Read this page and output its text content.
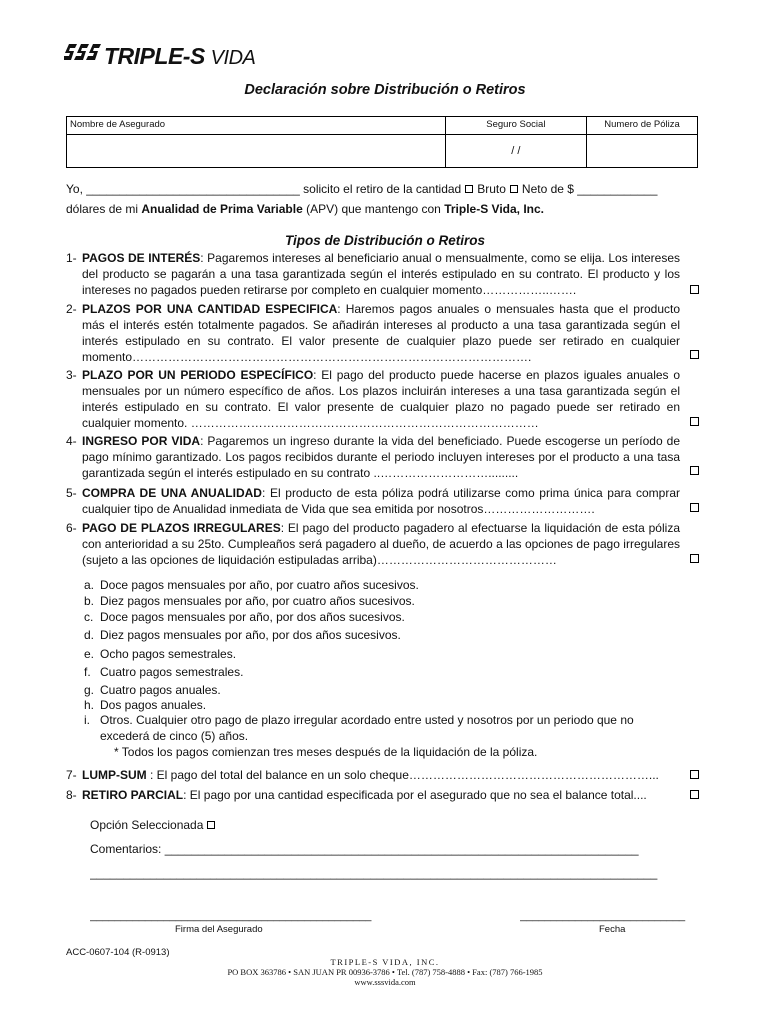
TRIPLE-S VIDA
Declaración sobre Distribución o Retiros
Nombre de Asegurado	Seguro Social	Numero de Póliza
	/ /	
Yo, ________________________________ solicito el retiro de la cantidad Bruto Neto de $ ____________
dólares de mi Anualidad de Prima Variable (APV) que mantengo con Triple-S Vida, Inc.
Tipos de Distribución o Retiros
1- PAGOS DE INTERÉS: Pagaremos intereses al beneficiario anual o mensualmente, como se elija. Los intereses del producto se pagarán a una tasa garantizada según el interés estipulado en su contrato. El producto y los intereses no pagados pueden retirarse por completo en cualquier momento……………..…….
2- PLAZOS POR UNA CANTIDAD ESPECIFICA: Haremos pagos anuales o mensuales hasta que el producto más el interés estén totalmente pagados. Se añadirán intereses al producto a una tasa garantizada según el interés estipulado en su contrato. El valor presente de cualquier plazo puede ser retirado en cualquier momento……………………………………………………………………………………….
3- PLAZO POR UN PERIODO ESPECÍFICO: El pago del producto puede hacerse en plazos iguales anuales o mensuales por un número específico de años. Los plazos incluirán intereses a una tasa garantizada según el interés estipulado en su contrato. El valor presente de cualquier plazo no pagado puede ser retirado en cualquier momento. ……………………………………………………………………………
4- INGRESO POR VIDA: Pagaremos un ingreso durante la vida del beneficiado. Puede escogerse un período de pago mínimo garantizado. Los pagos recibidos durante el periodo incluyen intereses por el producto a una tasa garantizada según el interés estipulado en su contrato ..……………………….........
5- COMPRA DE UNA ANUALIDAD: El producto de esta póliza podrá utilizarse como prima única para comprar cualquier tipo de Anualidad inmediata de Vida que sea emitida por nosotros……………………….
6- PAGO DE PLAZOS IRREGULARES: El pago del producto pagadero al efectuarse la liquidación de esta póliza con anterioridad a su 25to. Cumpleaños será pagadero al dueño, de acuerdo a las opciones de pago irregulares (sujeto a las opciones de liquidación estipuladas arriba)………………………………………
a. Doce pagos mensuales por año, por cuatro años sucesivos.
b. Diez pagos mensuales por año, por cuatro años sucesivos.
c. Doce pagos mensuales por año, por dos años sucesivos.
d. Diez pagos mensuales por año, por dos años sucesivos.
e. Ocho pagos semestrales.
f. Cuatro pagos semestrales.
g. Cuatro pagos anuales.
h. Dos pagos anuales.
i. Otros. Cualquier otro pago de plazo irregular acordado entre usted y nosotros por un periodo que no excederá de cinco (5) años.
* Todos los pagos comienzan tres meses después de la liquidación de la póliza.
7- LUMP-SUM : El pago del total del balance en un solo cheque……………………………………………………...
8- RETIRO PARCIAL: El pago por una cantidad especificada por el asegurado que no sea el balance total....
Opción Seleccionada
Comentarios: _______________________________________________________________________
_____________________________________________________________________________________
______________________________________________
Firma del Asegurado
___________________________
Fecha
ACC-0607-104 (R-0913)
TRIPLE-S VIDA, INC.
PO BOX 363786 • SAN JUAN PR 00936-3786 • Tel. (787) 758-4888 • Fax: (787) 766-1985
www.sssvida.com
